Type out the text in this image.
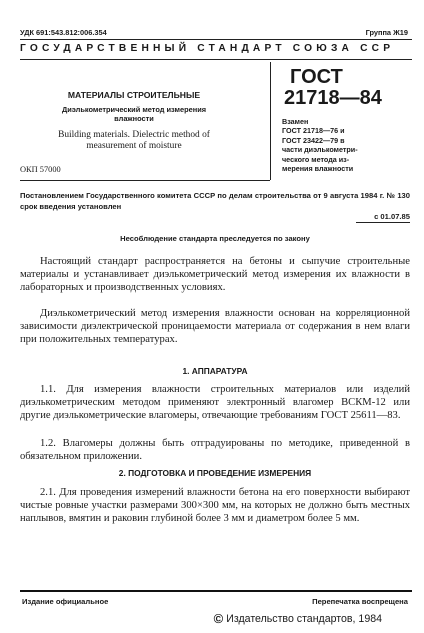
УДК 691:543.812:006.354	Группа Ж19
ГОСУДАРСТВЕННЫЙ СТАНДАРТ СОЮЗА ССР
МАТЕРИАЛЫ СТРОИТЕЛЬНЫЕ
Диэлькометрический метод измерения
влажности
Building materials. Dielectric method of
measurement of moisture
ОКП 57000
ГОСТ
21718—84
Взамен
ГОСТ 21718—76 и
ГОСТ 23422—79 в
части диэлькометри-
ческого метода из-
мерения влажности
Постановлением Государственного комитета СССР по делам строительства от 9 августа 1984 г. № 130 срок введения установлен
с 01.07.85
Несоблюдение стандарта преследуется по закону
Настоящий стандарт распространяется на бетоны и сыпучие строительные материалы и устанавливает диэлькометрический метод измерения их влажности в лабораторных и производственных условиях.
Диэлькометрический метод измерения влажности основан на корреляционной зависимости диэлектрической проницаемости материала от содержания в нем влаги при положительных температурах.
1. АППАРАТУРА
1.1. Для измерения влажности строительных материалов или изделий диэлькометрическим методом применяют электронный влагомер ВСКМ-12 или другие диэлькометрические влагомеры, отвечающие требованиям ГОСТ 25611—83.
1.2. Влагомеры должны быть отградуированы по методике, приведенной в обязательном приложении.
2. ПОДГОТОВКА И ПРОВЕДЕНИЕ ИЗМЕРЕНИЯ
2.1. Для проведения измерений влажности бетона на его поверхности выбирают чистые ровные участки размерами 300×300 мм, на которых не должно быть местных наплывов, вмятин и раковин глубиной более 3 мм и диаметром более 5 мм.
Издание официальное	Перепечатка воспрещена
© Издательство стандартов, 1984
